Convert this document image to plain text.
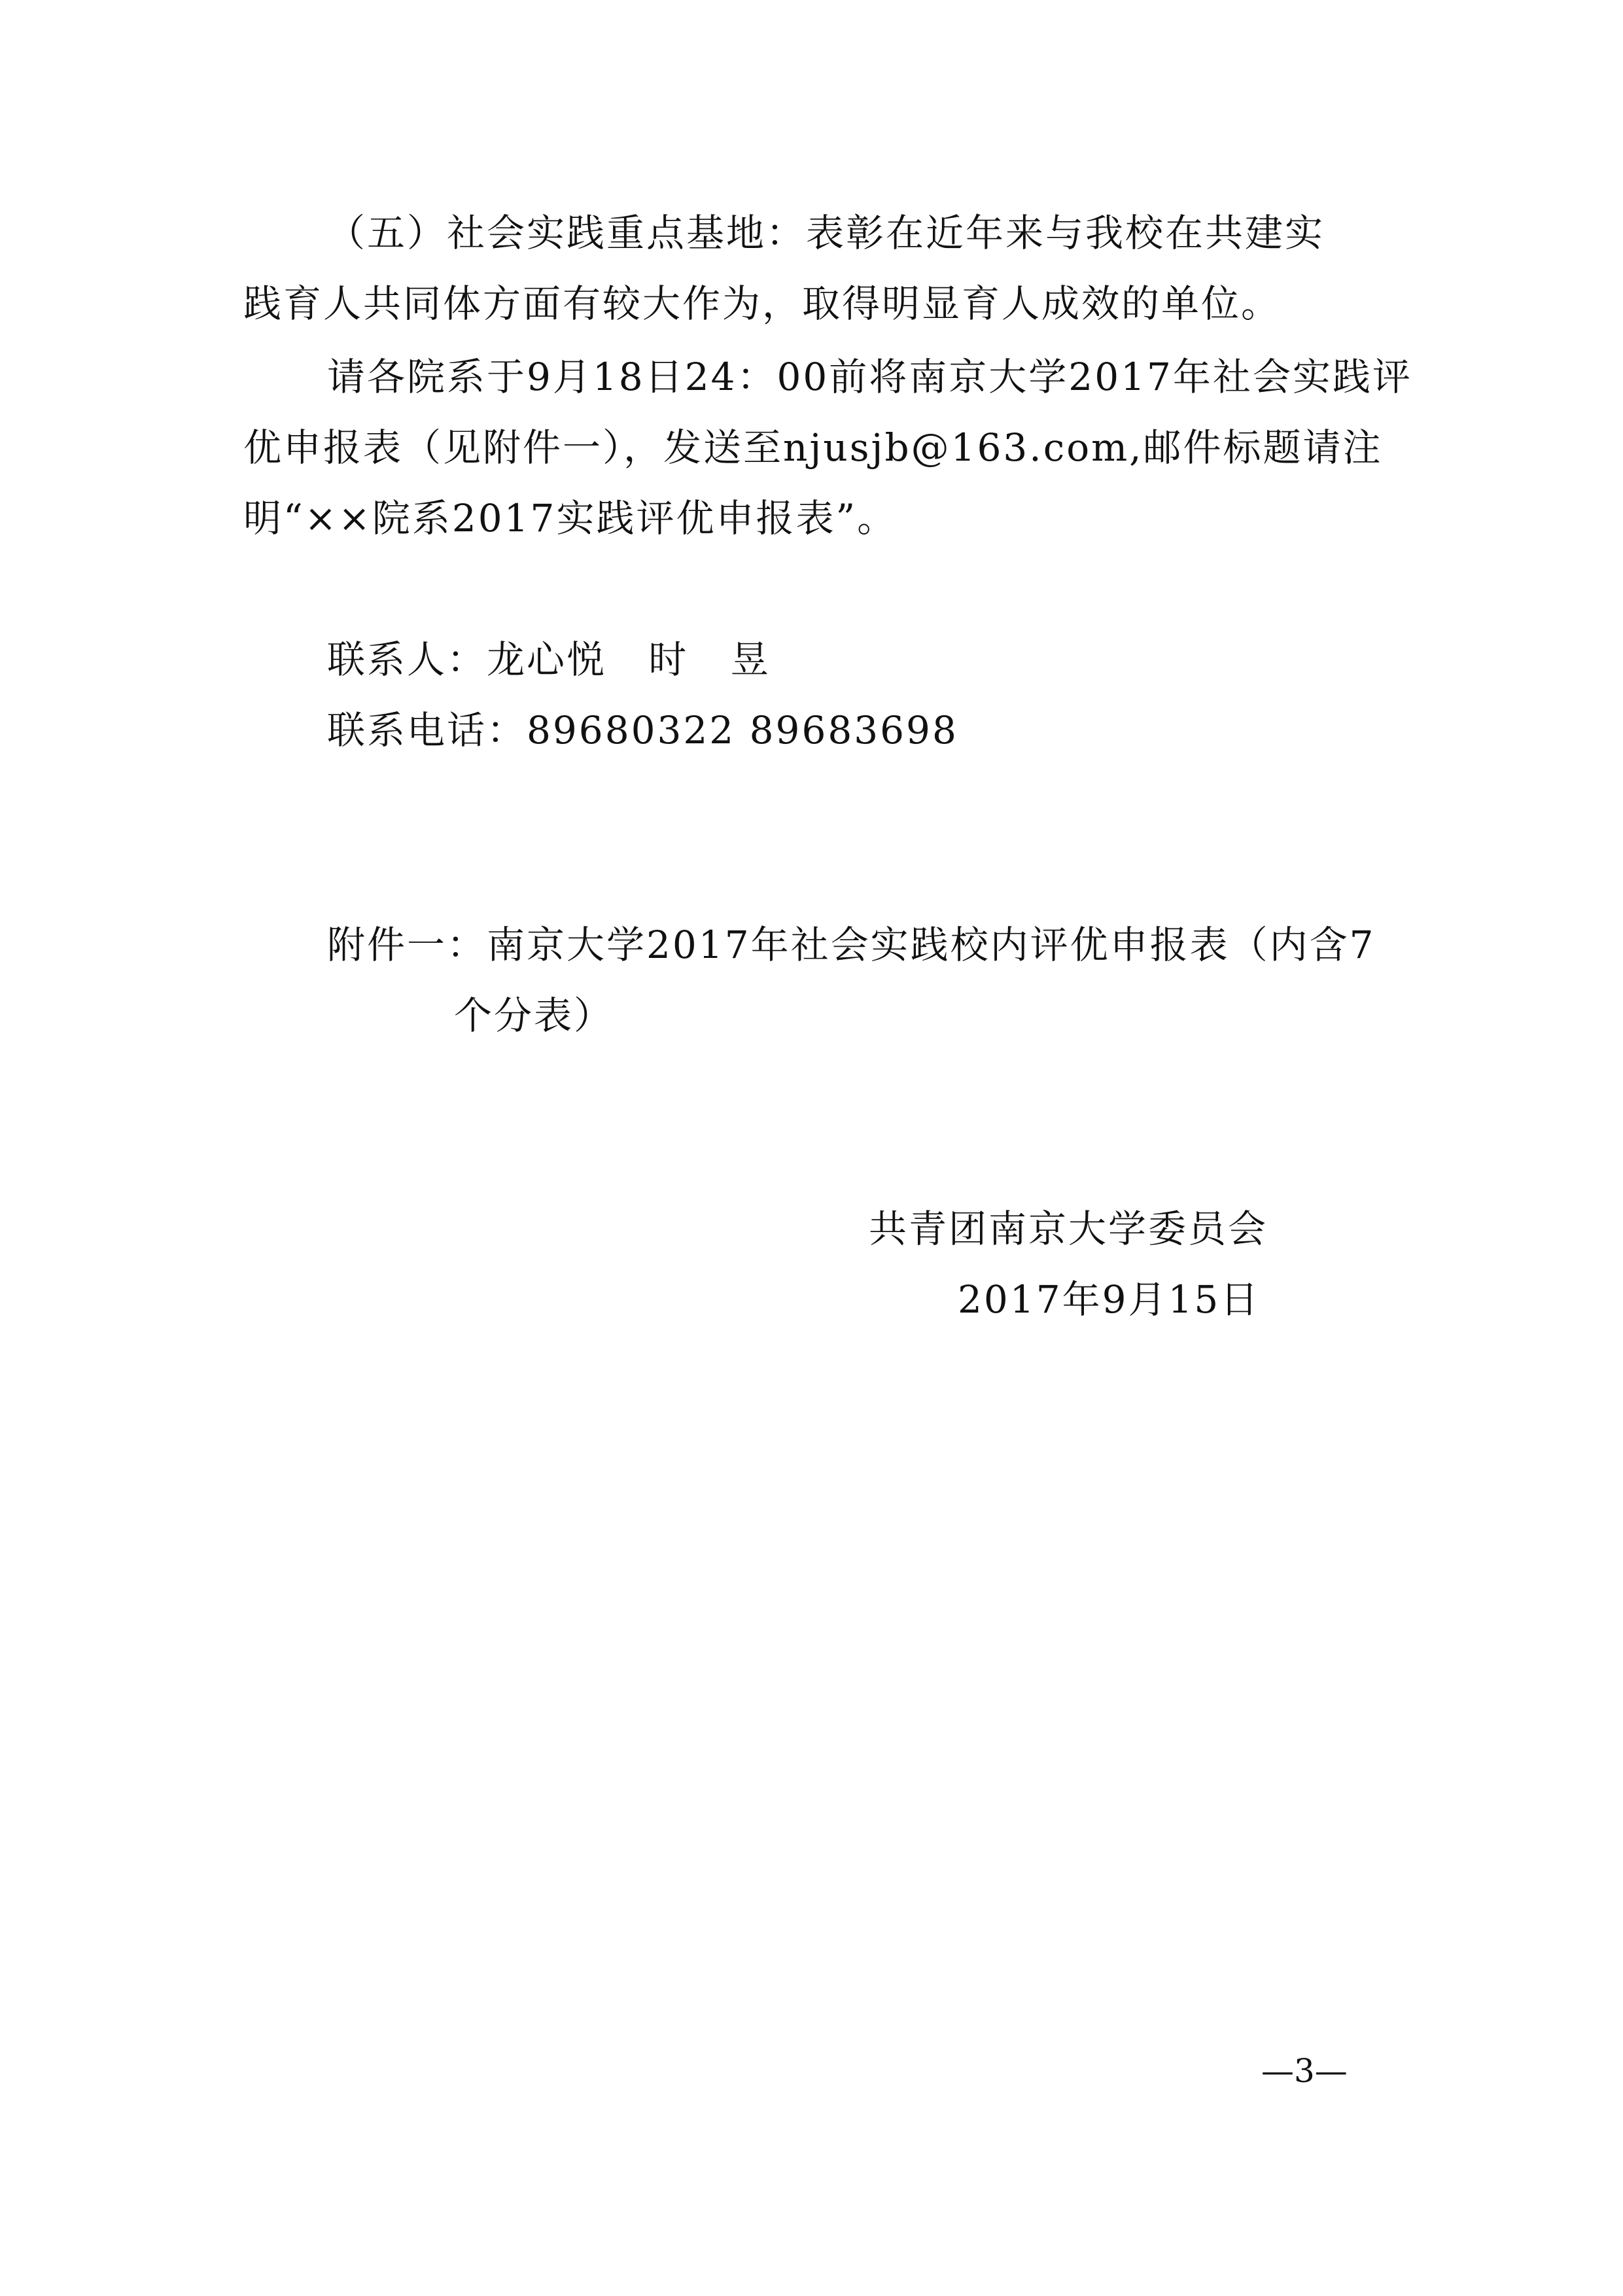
（五）社会实践重点基地：表彰在近年来与我校在共建实
践育人共同体方面有较大作为，取得明显育人成效的单位。
请各院系于9月18日24：00前将南京大学2017年社会实践评
优申报表（见附件一），发送至njusjb@163.com,邮件标题请注
明“××院系2017实践评优申报表”。
联系人：龙心悦   时   昱
联系电话：89680322 89683698
附件一：南京大学2017年社会实践校内评优申报表（内含7
个分表）
共青团南京大学委员会
2017年9月15日
—3—
